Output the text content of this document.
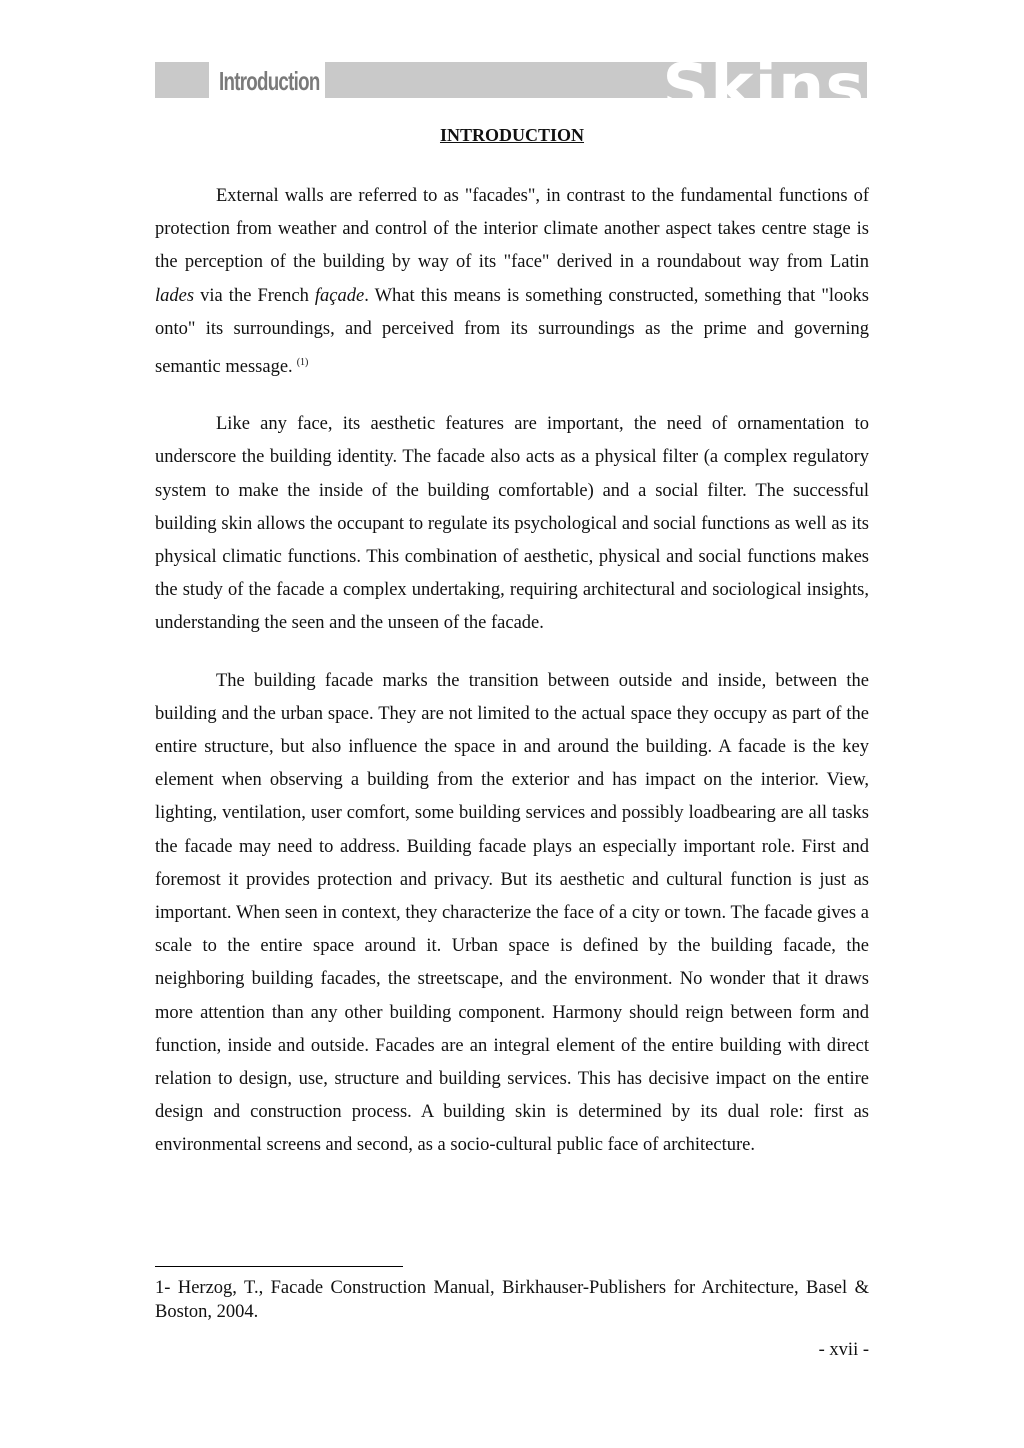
Introduction	Skins
INTRODUCTION

External walls are referred to as "facades", in contrast to the fundamental functions of protection from weather and control of the interior climate another aspect takes centre stage is the perception of the building by way of its "face" derived in a roundabout way from Latin lades via the French façade. What this means is something constructed, something that "looks onto" its surroundings, and perceived from its surroundings as the prime and governing semantic message. $^{(1)}$

Like any face, its aesthetic features are important, the need of ornamentation to underscore the building identity. The facade also acts as a physical filter (a complex regulatory system to make the inside of the building comfortable) and a social filter. The successful building skin allows the occupant to regulate its psychological and social functions as well as its physical climatic functions. This combination of aesthetic, physical and social functions makes the study of the facade a complex undertaking, requiring architectural and sociological insights, understanding the seen and the unseen of the facade.

The building facade marks the transition between outside and inside, between the building and the urban space. They are not limited to the actual space they occupy as part of the entire structure, but also influence the space in and around the building. A facade is the key element when observing a building from the exterior and has impact on the interior. View, lighting, ventilation, user comfort, some building services and possibly loadbearing are all tasks the facade may need to address. Building facade plays an especially important role. First and foremost it provides protection and privacy. But its aesthetic and cultural function is just as important. When seen in context, they characterize the face of a city or town. The facade gives a scale to the entire space around it. Urban space is defined by the building facade, the neighboring building facades, the streetscape, and the environment. No wonder that it draws more attention than any other building component. Harmony should reign between form and function, inside and outside. Facades are an integral element of the entire building with direct relation to design, use, structure and building services. This has decisive impact on the entire design and construction process. A building skin is determined by its dual role: first as environmental screens and second, as a socio-cultural public face of architecture.

1- Herzog, T., Facade Construction Manual, Birkhauser-Publishers for Architecture, Basel & Boston, 2004.
- xvii -
